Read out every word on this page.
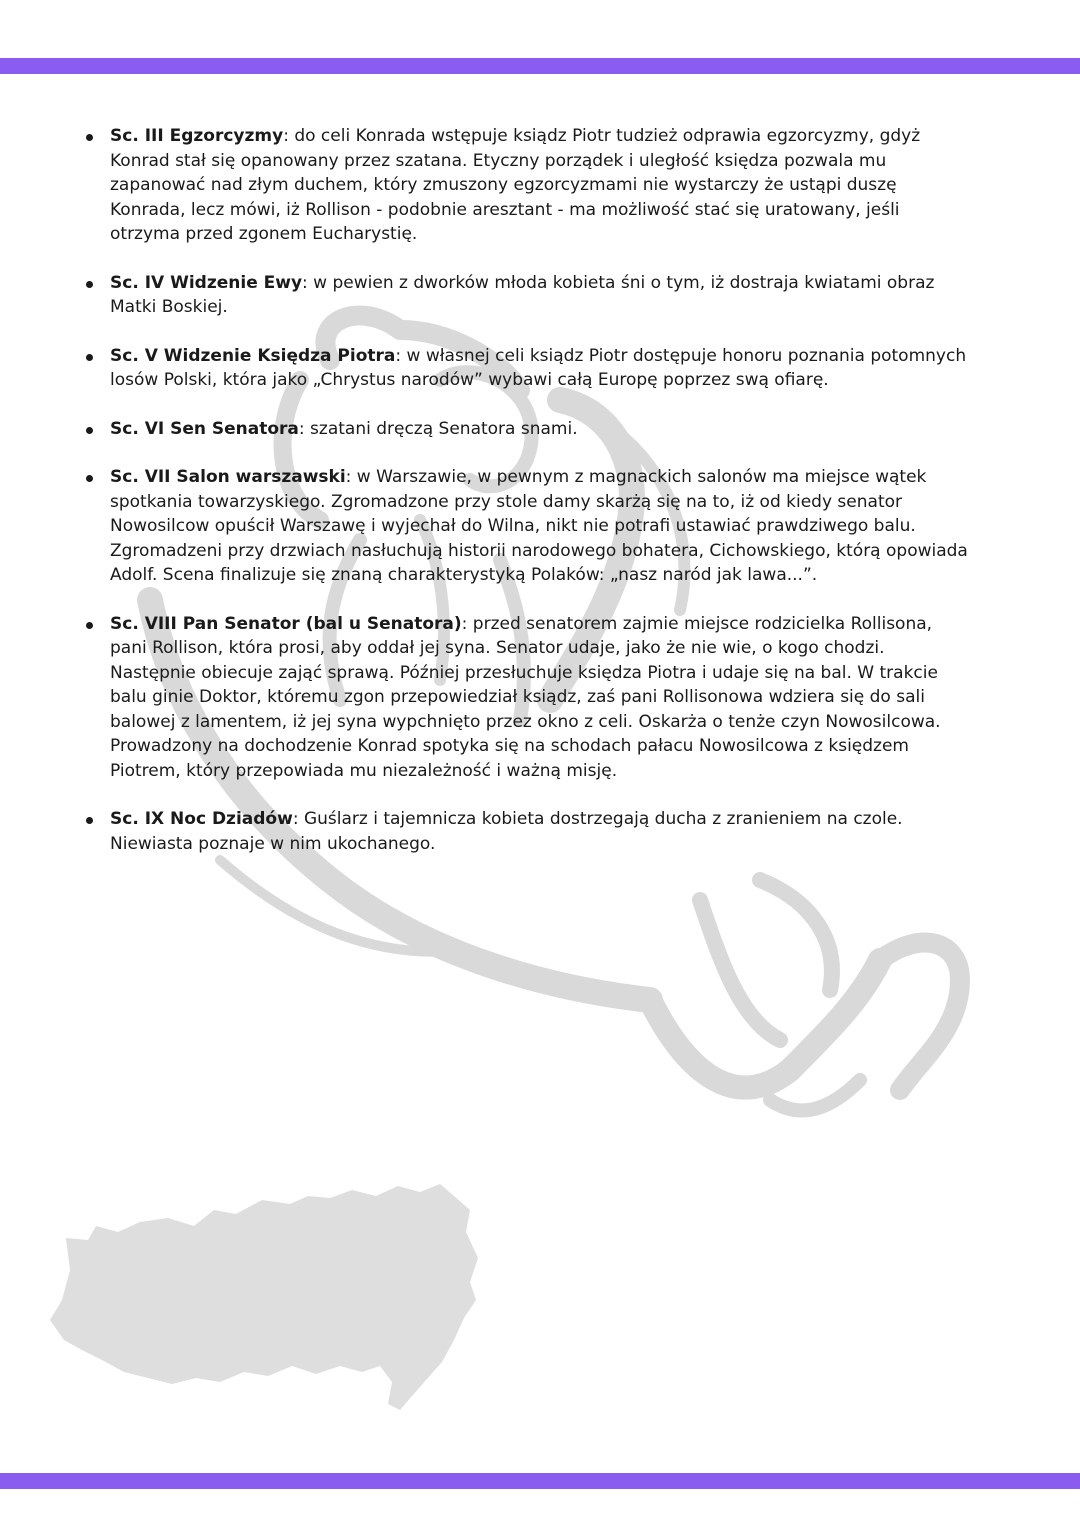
Sc. III Egzorcyzmy: do celi Konrada wstępuje ksiądz Piotr tudzież odprawia egzorcyzmy, gdyż Konrad stał się opanowany przez szatana. Etyczny porządek i uległość księdza pozwala mu zapanować nad złym duchem, który zmuszony egzorcyzmami nie wystarczy że ustąpi duszę Konrada, lecz mówi, iż Rollison - podobnie aresztant - ma możliwość stać się uratowany, jeśli otrzyma przed zgonem Eucharystię.
Sc. IV Widzenie Ewy: w pewien z dworków młoda kobieta śni o tym, iż dostraja kwiatami obraz Matki Boskiej.
Sc. V Widzenie Księdza Piotra: w własnej celi ksiądz Piotr dostępuje honoru poznania potomnych losów Polski, która jako „Chrystus narodów” wybawi całą Europę poprzez swą ofiarę.
Sc. VI Sen Senatora: szatani dręczą Senatora snami.
Sc. VII Salon warszawski: w Warszawie, w pewnym z magnackich salonów ma miejsce wątek spotkania towarzyskiego. Zgromadzone przy stole damy skarżą się na to, iż od kiedy senator Nowosilcow opuścił Warszawę i wyjechał do Wilna, nikt nie potrafi ustawiać prawdziwego balu. Zgromadzeni przy drzwiach nasłuchują historii narodowego bohatera, Cichowskiego, którą opowiada Adolf. Scena finalizuje się znaną charakterystyką Polaków: „nasz naród jak lawa...”.
Sc. VIII Pan Senator (bal u Senatora): przed senatorem zajmie miejsce rodzicielka Rollisona, pani Rollison, która prosi, aby oddał jej syna. Senator udaje, jako że nie wie, o kogo chodzi. Następnie obiecuje zająć sprawą. Później przesłuchuje księdza Piotra i udaje się na bal. W trakcie balu ginie Doktor, któremu zgon przepowiedział ksiądz, zaś pani Rollisonowa wdziera się do sali balowej z lamentem, iż jej syna wypchnięto przez okno z celi. Oskarża o tenże czyn Nowosilcowa. Prowadzony na dochodzenie Konrad spotyka się na schodach pałacu Nowosilcowa z księdzem Piotrem, który przepowiada mu niezależność i ważną misję.
Sc. IX Noc Dziadów: Guślarz i tajemnicza kobieta dostrzegają ducha z zranieniem na czole. Niewiasta poznaje w nim ukochanego.
